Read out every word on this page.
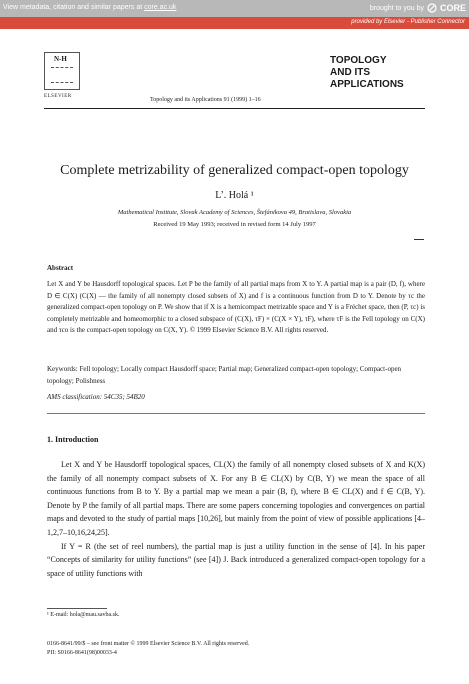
View metadata, citation and similar papers at core.ac.uk	brought to you by CORE
provided by Elsevier - Publisher Connector
N-H
ELSEVIER
Topology and its Applications 91 (1999) 1–16
TOPOLOGY
AND ITS
APPLICATIONS
Complete metrizability of generalized compact-open topology
L’. Holá ¹
Mathematical Institute, Slovak Academy of Sciences, Štefánikova 49, Bratislava, Slovakia
Received 19 May 1993; received in revised form 14 July 1997
Abstract
Let X and Y be Hausdorff topological spaces. Let P be the family of all partial maps from X to Y. A partial map is a pair (D, f), where D ∈ C(X) (C(X) — the family of all nonempty closed subsets of X) and f is a continuous function from D to Y. Denote by τc the generalized compact-open topology on P. We show that if X is a hemicompact metrizable space and Y is a Fréchet space, then (P, τc) is completely metrizable and homeomorphic to a closed subspace of (C(X), τF) × (C(X × Y), τF), where τF is the Fell topology on C(X) and τco is the compact-open topology on C(X, Y). © 1999 Elsevier Science B.V. All rights reserved.
Keywords: Fell topology; Locally compact Hausdorff space; Partial map; Generalized compact-open topology; Compact-open topology; Polishness
AMS classification: 54C35; 54B20
1. Introduction

Let X and Y be Hausdorff topological spaces, CL(X) the family of all nonempty closed subsets of X and K(X) the family of all nonempty compact subsets of X. For any B ∈ CL(X) by C(B, Y) we mean the space of all continuous functions from B to Y. By a partial map we mean a pair (B, f), where B ∈ CL(X) and f ∈ C(B, Y). Denote by P the family of all partial maps. There are some papers concerning topologies and convergences on partial maps and devoted to the study of partial maps [10,26], but mainly from the point of view of possible applications [4–1,2,7–10,16,24,25].

If Y = R (the set of reel numbers), the partial map is just a utility function in the sense of [4]. In his paper “Concepts of similarity for utility functions” (see [4]) J. Back introduced a generalized compact-open topology for a space of utility functions with

¹ E-mail: hola@mau.savba.sk.
0166-8641/99/$ – see front matter © 1999 Elsevier Science B.V. All rights reserved.
PII: S0166-8641(98)00033-4
